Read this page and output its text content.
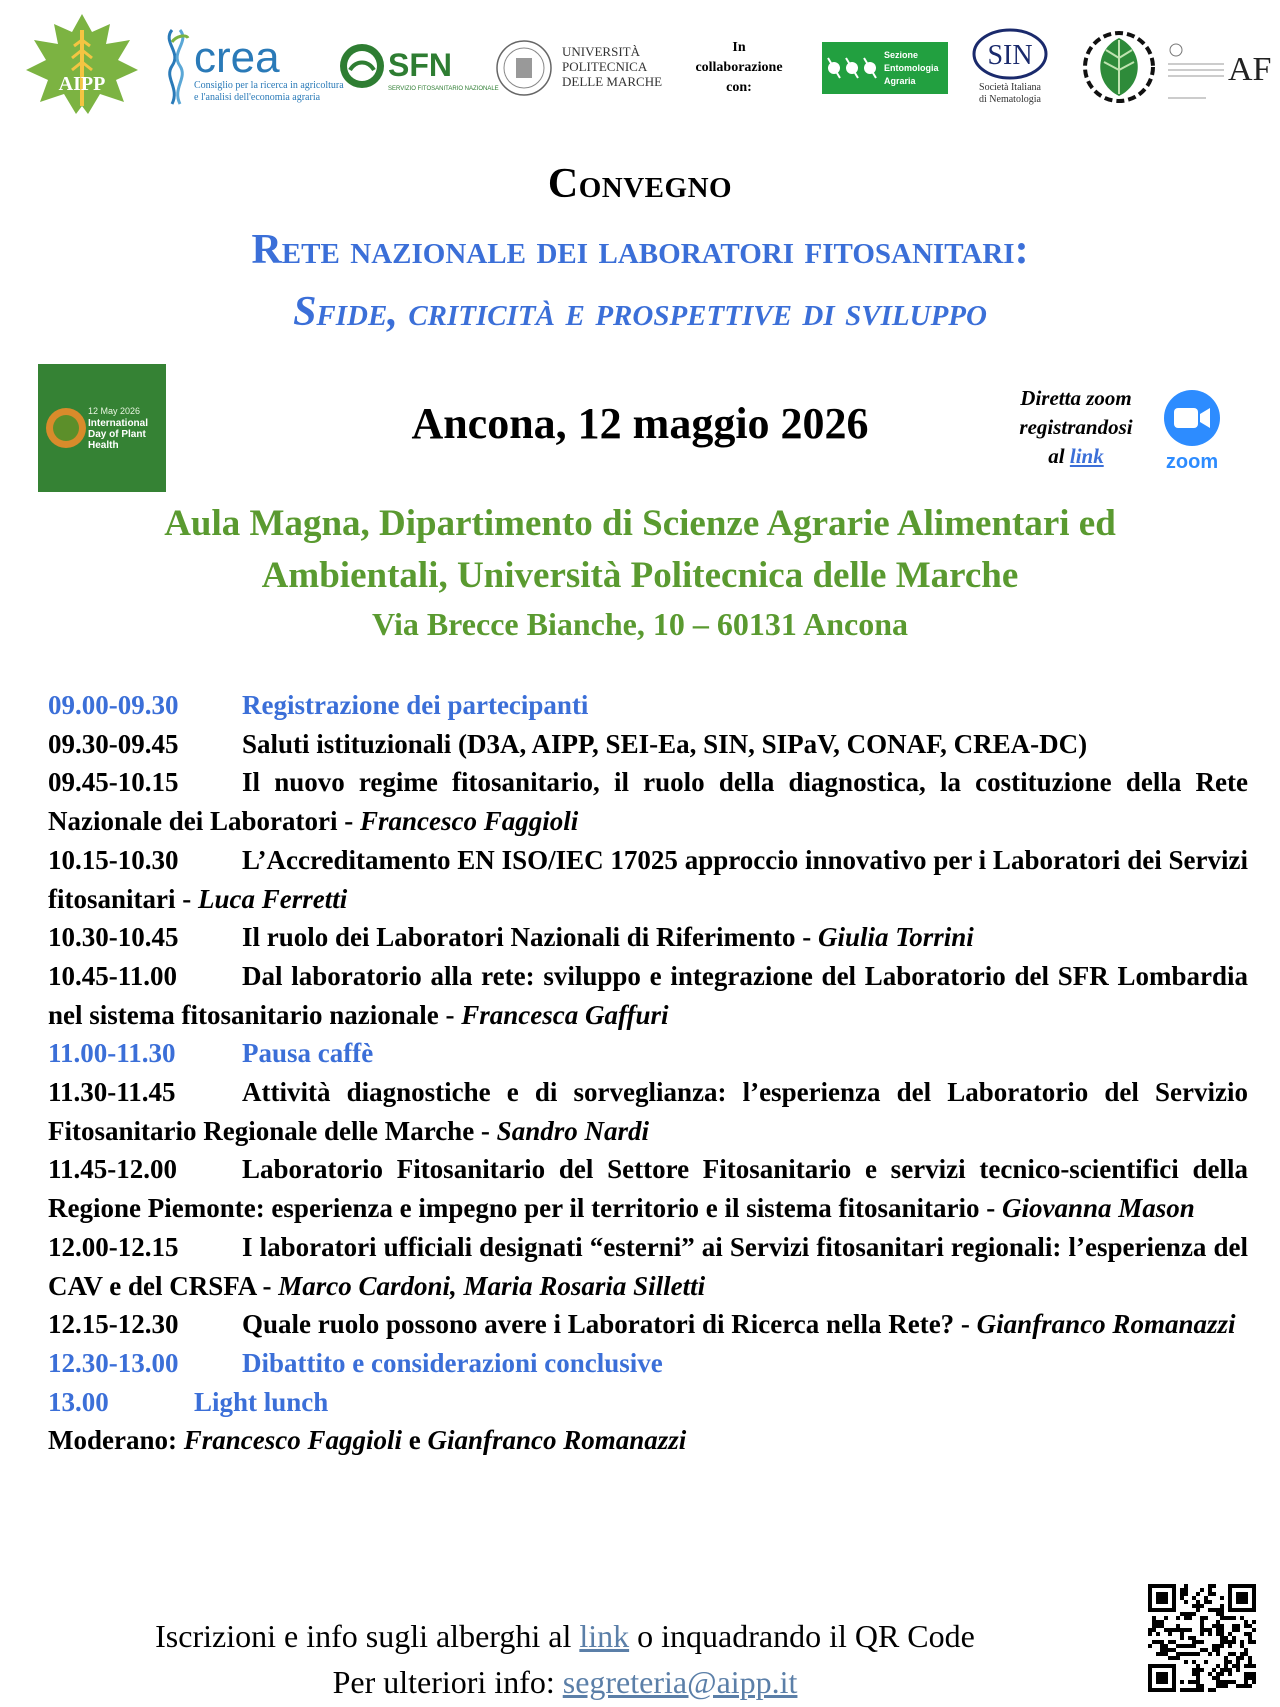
AIPP
crea
Consiglio per la ricerca in agricoltura
e l'analisi dell'economia agraria
SFN
SERVIZIO FITOSANITARIO NAZIONALE
UNIVERSITÀ
POLITECNICA
DELLE MARCHE
In
collaborazione
con:
Sezione
Entomologia
Agraria
SIN
Società Italiana
di Nematologia
AF
Convegno
Rete nazionale dei laboratori fitosanitari:
Sfide, criticità e prospettive di sviluppo
12 May 2026
International
Day of Plant
Health	Ancona, 12 maggio 2026
Diretta zoom
registrandosi
al link	zoom
Aula Magna, Dipartimento di Scienze Agrarie Alimentari ed
Ambientali, Università Politecnica delle Marche
Via Brecce Bianche, 10 – 60131 Ancona
09.00-09.30 Registrazione dei partecipanti
09.30-09.45 Saluti istituzionali (D3A, AIPP, SEI-Ea, SIN, SIPaV, CONAF, CREA-DC)
09.45-10.15 Il nuovo regime fitosanitario, il ruolo della diagnostica, la costituzione della Rete Nazionale dei Laboratori - Francesco Faggioli
10.15-10.30 L’Accreditamento EN ISO/IEC 17025 approccio innovativo per i Laboratori dei Servizi fitosanitari - Luca Ferretti
10.30-10.45 Il ruolo dei Laboratori Nazionali di Riferimento - Giulia Torrini
10.45-11.00 Dal laboratorio alla rete: sviluppo e integrazione del Laboratorio del SFR Lombardia nel sistema fitosanitario nazionale - Francesca Gaffuri
11.00-11.30 Pausa caffè
11.30-11.45 Attività diagnostiche e di sorveglianza: l’esperienza del Laboratorio del Servizio Fitosanitario Regionale delle Marche - Sandro Nardi
11.45-12.00 Laboratorio Fitosanitario del Settore Fitosanitario e servizi tecnico-scientifici della Regione Piemonte: esperienza e impegno per il territorio e il sistema fitosanitario - Giovanna Mason
12.00-12.15 I laboratori ufficiali designati “esterni” ai Servizi fitosanitari regionali: l’esperienza del CAV e del CRSFA - Marco Cardoni, Maria Rosaria Silletti
12.15-12.30 Quale ruolo possono avere i Laboratori di Ricerca nella Rete? - Gianfranco Romanazzi
12.30-13.00 Dibattito e considerazioni conclusive
13.00	Light lunch
Moderano: Francesco Faggioli e Gianfranco Romanazzi
Iscrizioni e info sugli alberghi al link o inquadrando il QR Code
Per ulteriori info: segreteria@aipp.it
